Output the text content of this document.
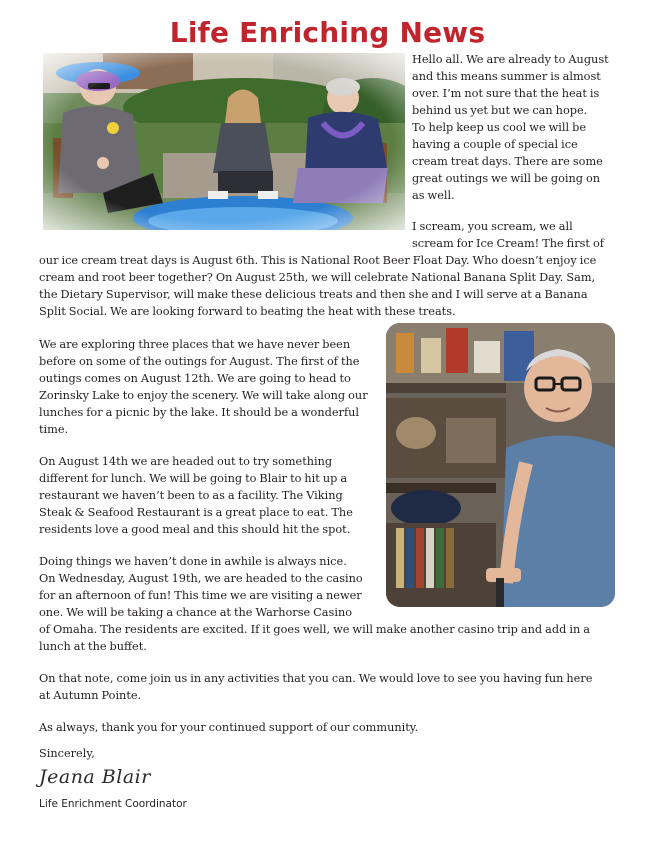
Life Enriching News

Hello all. We are already to August
and this means summer is almost
over. I’m not sure that the heat is
behind us yet but we can hope.
To help keep us cool we will be
having a couple of special ice
cream treat days. There are some
great outings we will be going on
as well.

I scream, you scream, we all
scream for Ice Cream! The first of

our ice cream treat days is August 6th. This is National Root Beer Float Day. Who doesn’t enjoy ice
cream and root beer together? On August 25th, we will celebrate National Banana Split Day. Sam,
the Dietary Supervisor, will make these delicious treats and then she and I will serve at a Banana
Split Social. We are looking forward to beating the heat with these treats.

We are exploring three places that we have never been
before on some of the outings for August. The first of the
outings comes on August 12th. We are going to head to
Zorinsky Lake to enjoy the scenery. We will take along our
lunches for a picnic by the lake. It should be a wonderful
time.

On August 14th we are headed out to try something
different for lunch. We will be going to Blair to hit up a
restaurant we haven’t been to as a facility. The Viking
Steak & Seafood Restaurant is a great place to eat. The
residents love a good meal and this should hit the spot.

Doing things we haven’t done in awhile is always nice.
On Wednesday, August 19th, we are headed to the casino
for an afternoon of fun! This time we are visiting a newer
one. We will be taking a chance at the Warhorse Casino

of Omaha. The residents are excited. If it goes well, we will make another casino trip and add in a
lunch at the buffet.

On that note, come join us in any activities that you can. We would love to see you having fun here
at Autumn Pointe.

As always, thank you for your continued support of our community.

Sincerely,

Jeana Blair

Life Enrichment Coordinator
